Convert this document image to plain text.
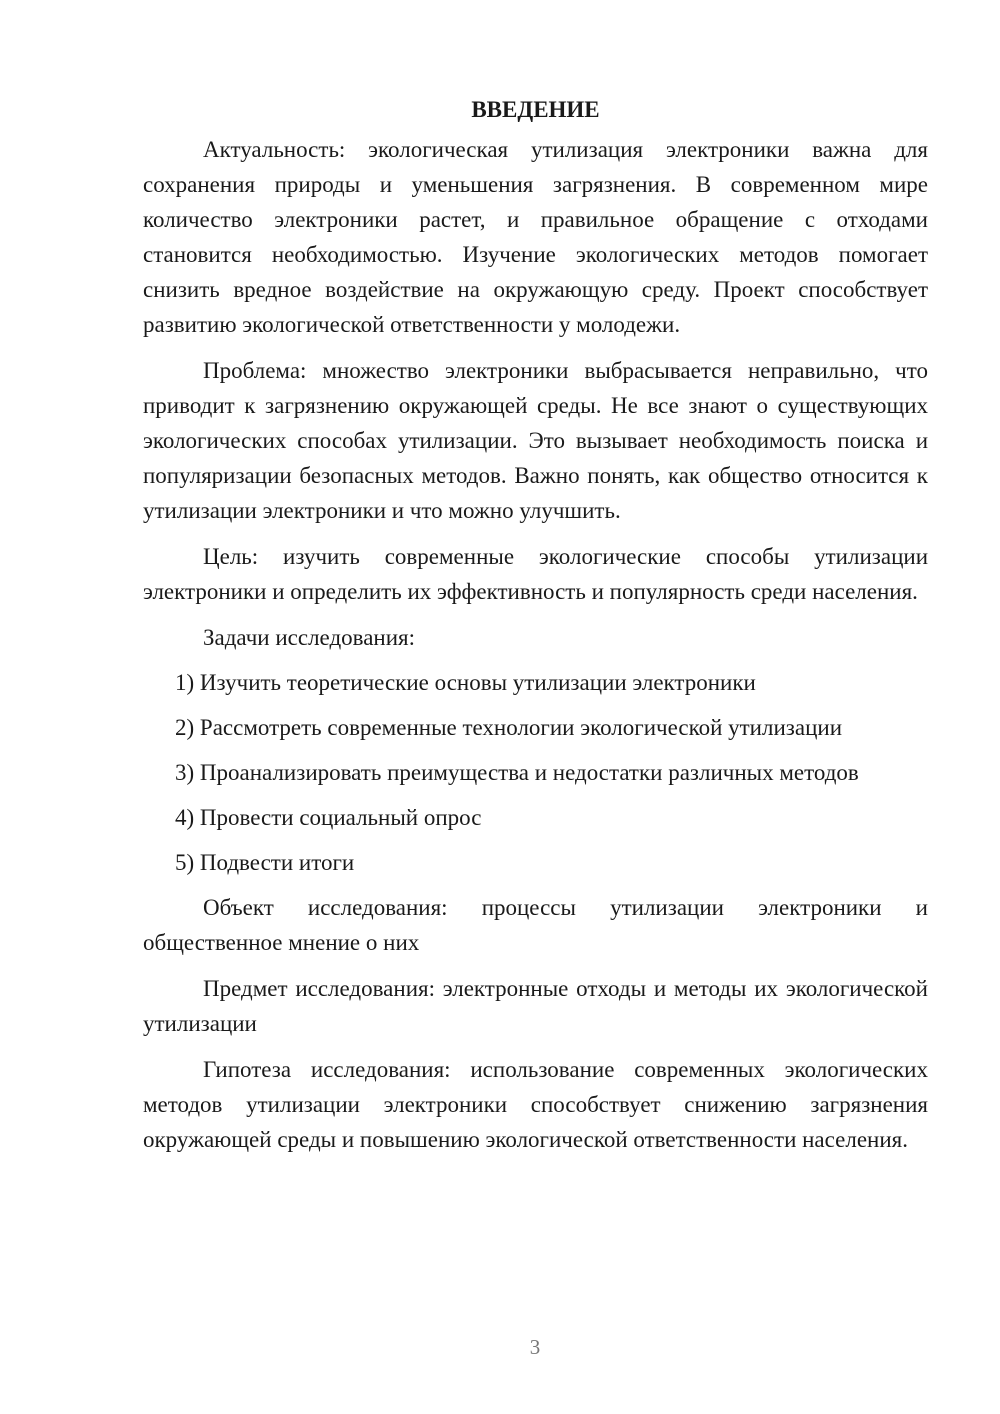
ВВЕДЕНИЕ

Актуальность: экологическая утилизация электроники важна для сохранения природы и уменьшения загрязнения. В современном мире количество электроники растет, и правильное обращение с отходами становится необходимостью. Изучение экологических методов помогает снизить вредное воздействие на окружающую среду. Проект способствует развитию экологической ответственности у молодежи.

Проблема: множество электроники выбрасывается неправильно, что приводит к загрязнению окружающей среды. Не все знают о существующих экологических способах утилизации. Это вызывает необходимость поиска и популяризации безопасных методов. Важно понять, как общество относится к утилизации электроники и что можно улучшить.

Цель: изучить современные экологические способы утилизации электроники и определить их эффективность и популярность среди населения.

Задачи исследования:
1) Изучить теоретические основы утилизации электроники
2) Рассмотреть современные технологии экологической утилизации
3) Проанализировать преимущества и недостатки различных методов
4) Провести социальный опрос
5) Подвести итоги

Объект исследования: процессы утилизации электроники и общественное мнение о них

Предмет исследования: электронные отходы и методы их экологической утилизации

Гипотеза исследования: использование современных экологических методов утилизации электроники способствует снижению загрязнения окружающей среды и повышению экологической ответственности населения.

3
